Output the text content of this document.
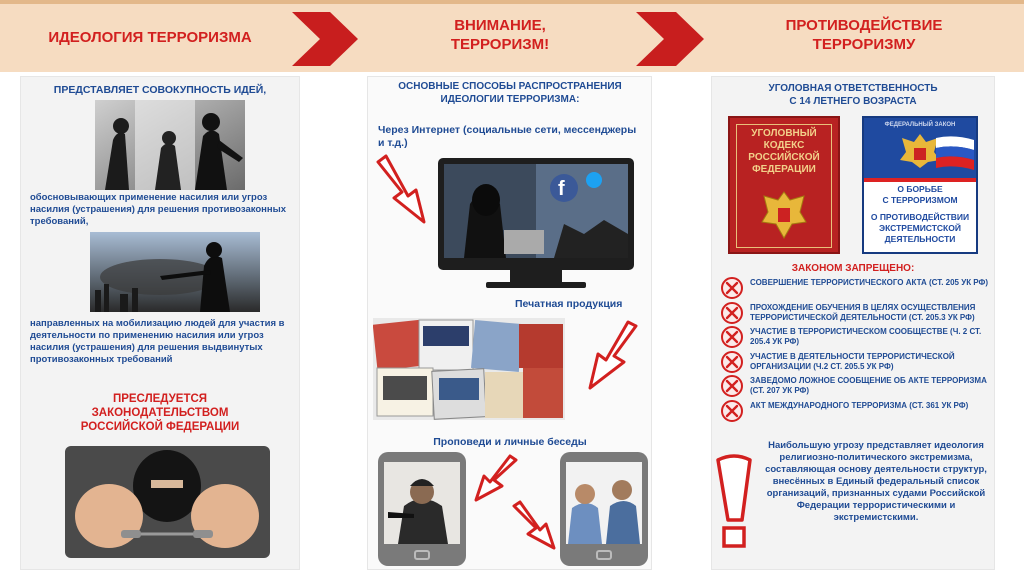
ИДЕОЛОГИЯ ТЕРРОРИЗМА
ВНИМАНИЕ,
ТЕРРОРИЗМ!
ПРОТИВОДЕЙСТВИЕ
ТЕРРОРИЗМУ
ПРЕДСТАВЛЯЕТ СОВОКУПНОСТЬ ИДЕЙ,
обосновывающих применение насилия или угроз насилия (устрашения) для решения противозаконных требований,
направленных на мобилизацию людей для участия в деятельности по применению насилия или угроз насилия (устрашения) для решения выдвинутых противозаконных требований
ПРЕСЛЕДУЕТСЯ
ЗАКОНОДАТЕЛЬСТВОМ
РОССИЙСКОЙ ФЕДЕРАЦИИ
ОСНОВНЫЕ СПОСОБЫ РАСПРОСТРАНЕНИЯ
ИДЕОЛОГИИ ТЕРРОРИЗМА:
Через Интернет (социальные сети, мессенджеры и т.д.)
f
Печатная продукция
Проповеди и личные беседы
УГОЛОВНАЯ ОТВЕТСТВЕННОСТЬ
С 14 ЛЕТНЕГО ВОЗРАСТА
УГОЛОВНЫЙ
КОДЕКС
РОССИЙСКОЙ
ФЕДЕРАЦИИ
ФЕДЕРАЛЬНЫЙ ЗАКОН
О БОРЬБЕ
С ТЕРРОРИЗМОМ
О ПРОТИВОДЕЙСТВИИ
ЭКСТРЕМИСТСКОЙ
ДЕЯТЕЛЬНОСТИ
ЗАКОНОМ ЗАПРЕЩЕНО:
СОВЕРШЕНИЕ ТЕРРОРИСТИЧЕСКОГО АКТА (СТ. 205 УК РФ)
ПРОХОЖДЕНИЕ ОБУЧЕНИЯ В ЦЕЛЯХ ОСУЩЕСТВЛЕНИЯ ТЕРРОРИСТИЧЕСКОЙ ДЕЯТЕЛЬНОСТИ (СТ. 205.3 УК РФ)
УЧАСТИЕ В ТЕРРОРИСТИЧЕСКОМ СООБЩЕСТВЕ (Ч. 2 СТ. 205.4 УК РФ)
УЧАСТИЕ В ДЕЯТЕЛЬНОСТИ ТЕРРОРИСТИЧЕСКОЙ ОРГАНИЗАЦИИ (Ч.2 СТ. 205.5 УК РФ)
ЗАВЕДОМО ЛОЖНОЕ СООБЩЕНИЕ ОБ АКТЕ ТЕРРОРИЗМА (СТ. 207 УК РФ)
АКТ МЕЖДУНАРОДНОГО ТЕРРОРИЗМА (СТ. 361 УК РФ)
Наибольшую угрозу представляет идеология религиозно-политического экстремизма, составляющая основу деятельности структур, внесённых в Единый федеральный список организаций, признанных судами Российской Федерации террористическими и экстремистскими.
